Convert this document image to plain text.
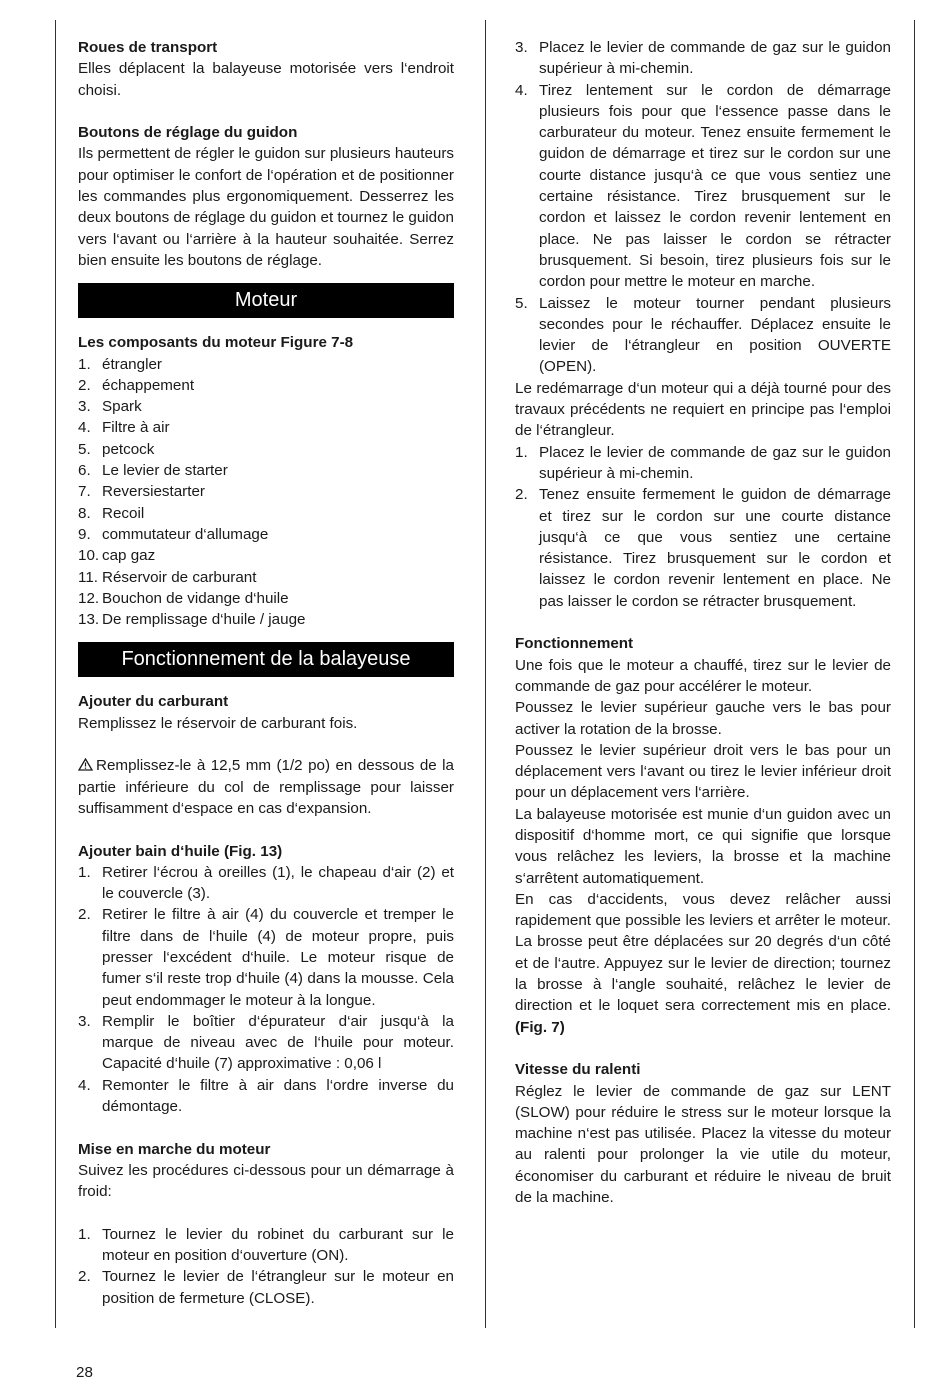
Roues de transport

Elles déplacent la balayeuse motorisée vers l‘endroit choisi.

Boutons de réglage du guidon

Ils permettent de régler le guidon sur plusieurs hauteurs pour optimiser le confort de l‘opération et de positionner les commandes plus ergonomiquement. Desserrez les deux boutons de réglage du guidon et tournez le guidon vers l‘avant ou l‘arrière à la hauteur souhaitée. Serrez bien ensuite les boutons de réglage.

Moteur
Les composants du moteur Figure 7-8
1. étrangler
2. échappement
3. Spark
4. Filtre à air
5. petcock
6. Le levier de starter
7. Reversiestarter
8. Recoil
9. commutateur d‘allumage
10. cap gaz
11. Réservoir de carburant
12. Bouchon de vidange d‘huile
13. De remplissage d‘huile / jauge
Fonctionnement de la balayeuse
Ajouter du carburant

Remplissez le réservoir de carburant fois.

Remplissez-le à 12,5 mm (1/2 po) en dessous de la partie inférieure du col de remplissage pour laisser suffisamment d‘espace en cas d‘expansion.

Ajouter bain d‘huile (Fig. 13)
1. Retirer l‘écrou à oreilles (1), le chapeau d‘air (2) et le couvercle (3).
2. Retirer le filtre à air (4) du couvercle et tremper le filtre dans de l‘huile (4) de moteur propre, puis presser l‘excédent d‘huile. Le moteur risque de fumer s‘il reste trop d‘huile (4) dans la mousse. Cela peut endommager le moteur à la longue.
3. Remplir le boîtier d‘épurateur d‘air jusqu‘à la marque de niveau avec de l‘huile pour moteur. Capacité d‘huile (7) approximative : 0,06 l
4. Remonter le filtre à air dans l‘ordre inverse du démontage.
Mise en marche du moteur

Suivez les procédures ci-dessous pour un démarrage à froid:

1. Tournez le levier du robinet du carburant sur le moteur en position d‘ouverture (ON).
2. Tournez le levier de l‘étrangleur sur le moteur en position de fermeture (CLOSE).
3. Placez le levier de commande de gaz sur le guidon supérieur à mi-chemin.
4. Tirez lentement sur le cordon de démarrage plusieurs fois pour que l‘essence passe dans le carburateur du moteur. Tenez ensuite fermement le guidon de démarrage et tirez sur le cordon sur une courte distance jusqu‘à ce que vous sentiez une certaine résistance. Tirez brusquement sur le cordon et laissez le cordon revenir lentement en place. Ne pas laisser le cordon se rétracter brusquement. Si besoin, tirez plusieurs fois sur le cordon pour mettre le moteur en marche.
5. Laissez le moteur tourner pendant plusieurs secondes pour le réchauffer. Déplacez ensuite le levier de l‘étrangleur en position OUVERTE (OPEN).

Le redémarrage d‘un moteur qui a déjà tourné pour des travaux précédents ne requiert en principe pas l‘emploi de l‘étrangleur.

1. Placez le levier de commande de gaz sur le guidon supérieur à mi-chemin.
2. Tenez ensuite fermement le guidon de démarrage et tirez sur le cordon sur une courte distance jusqu‘à ce que vous sentiez une certaine résistance. Tirez brusquement sur le cordon et laissez le cordon revenir lentement en place. Ne pas laisser le cordon se rétracter brusquement.
Fonctionnement

Une fois que le moteur a chauffé, tirez sur le levier de commande de gaz pour accélérer le moteur.

Poussez le levier supérieur gauche vers le bas pour activer la rotation de la brosse.

Poussez le levier supérieur droit vers le bas pour un déplacement vers l‘avant ou tirez le levier inférieur droit pour un déplacement vers l‘arrière.

La balayeuse motorisée est munie d‘un guidon avec un dispositif d‘homme mort, ce qui signifie que lorsque vous relâchez les leviers, la brosse et la machine s‘arrêtent automatiquement.

En cas d‘accidents, vous devez relâcher aussi rapidement que possible les leviers et arrêter le moteur. La brosse peut être déplacées sur 20 degrés d‘un côté et de l‘autre. Appuyez sur le levier de direction; tournez la brosse à l‘angle souhaité, relâchez le levier de direction et le loquet sera correctement mis en place. (Fig. 7)

Vitesse du ralenti

Réglez le levier de commande de gaz sur LENT (SLOW) pour réduire le stress sur le moteur lorsque la machine n‘est pas utilisée. Placez la vitesse du moteur au ralenti pour prolonger la vie utile du moteur, économiser du carburant et réduire le niveau de bruit de la machine.

28
